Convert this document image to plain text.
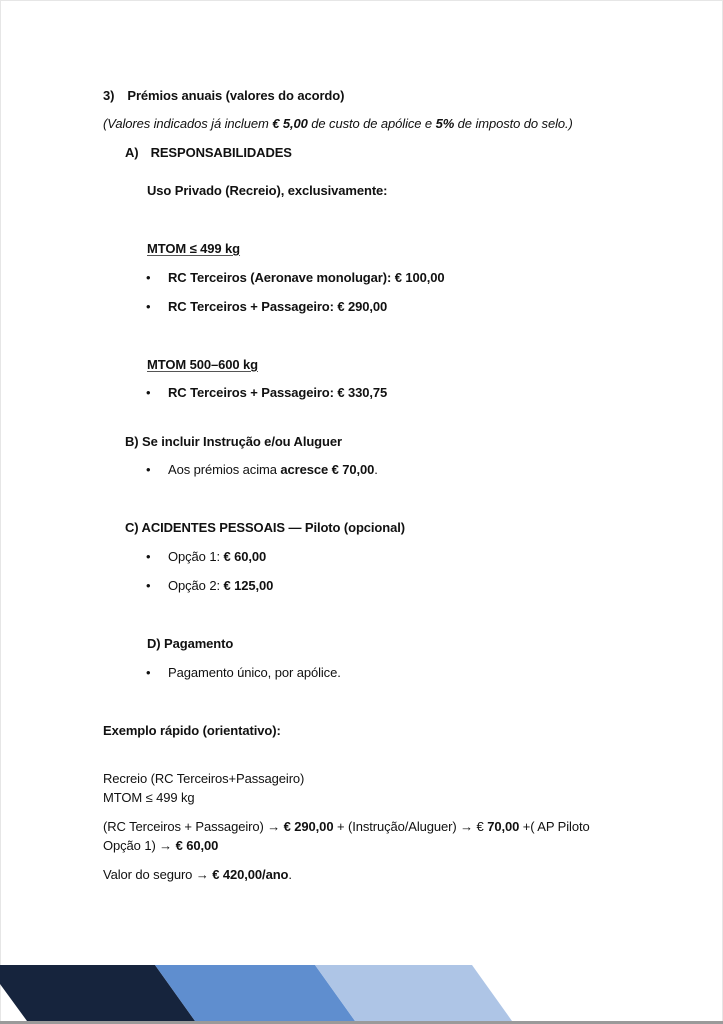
3) Prémios anuais (valores do acordo)
(Valores indicados já incluem € 5,00 de custo de apólice e 5% de imposto do selo.)
A) RESPONSABILIDADES
Uso Privado (Recreio), exclusivamente:
MTOM ≤ 499 kg
• RC Terceiros (Aeronave monolugar): € 100,00
• RC Terceiros + Passageiro: € 290,00
MTOM 500–600 kg
• RC Terceiros + Passageiro: € 330,75
B) Se incluir Instrução e/ou Aluguer
• Aos prémios acima acresce € 70,00.
C) ACIDENTES PESSOAIS — Piloto (opcional)
• Opção 1: € 60,00
• Opção 2: € 125,00
D) Pagamento
• Pagamento único, por apólice.
Exemplo rápido (orientativo):
Recreio (RC Terceiros+Passageiro)
MTOM ≤ 499 kg
(RC Terceiros + Passageiro) → € 290,00 + (Instrução/Aluguer) → € 70,00 +( AP Piloto
Opção 1) → € 60,00
Valor do seguro → € 420,00/ano.
